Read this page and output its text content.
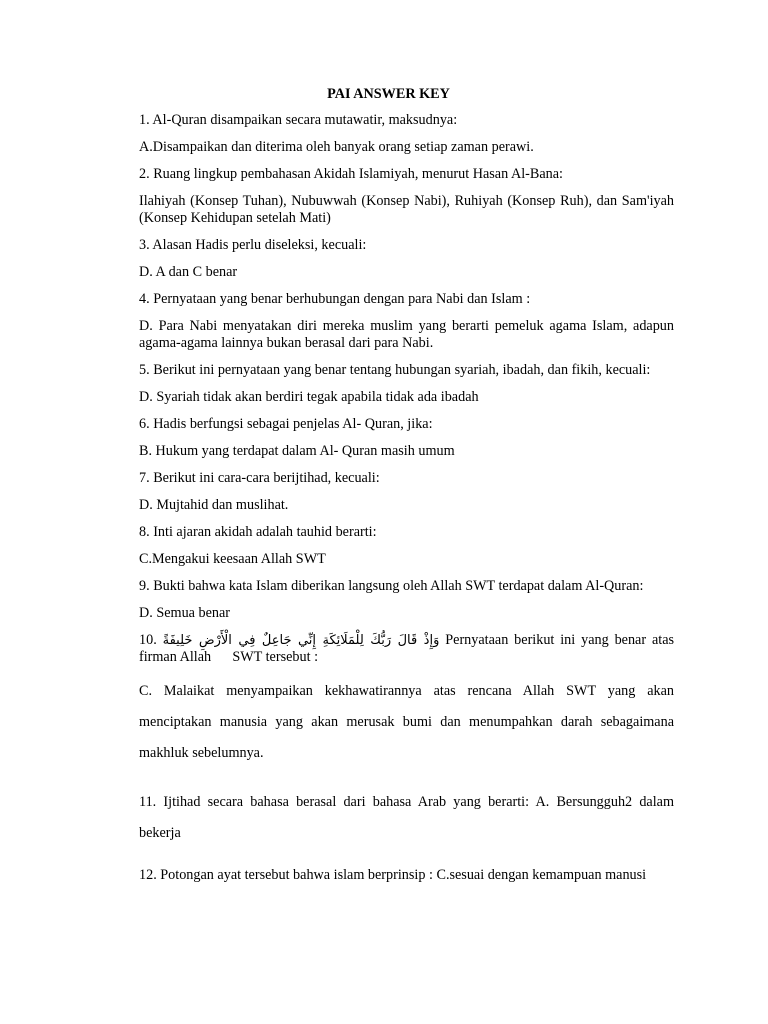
PAI ANSWER KEY
1. Al-Quran disampaikan secara mutawatir, maksudnya:
A.Disampaikan dan diterima oleh banyak orang setiap zaman perawi.
2. Ruang lingkup pembahasan Akidah Islamiyah, menurut Hasan Al-Bana:
Ilahiyah (Konsep Tuhan), Nubuwwah (Konsep Nabi), Ruhiyah (Konsep Ruh), dan Sam'iyah (Konsep Kehidupan setelah Mati)
3. Alasan Hadis perlu diseleksi, kecuali:
D. A dan C benar
4. Pernyataan yang benar berhubungan dengan para Nabi dan Islam :
D. Para Nabi menyatakan diri mereka muslim yang berarti pemeluk agama Islam, adapun agama-agama lainnya bukan berasal dari para Nabi.
5. Berikut ini pernyataan yang benar tentang hubungan syariah, ibadah, dan fikih, kecuali:
D. Syariah tidak akan berdiri tegak apabila tidak ada ibadah
6. Hadis berfungsi sebagai penjelas Al- Quran, jika:
B. Hukum yang terdapat dalam Al- Quran masih umum
7. Berikut ini cara-cara berijtihad, kecuali:
D. Mujtahid dan muslihat.
8. Inti ajaran akidah adalah tauhid berarti:
C.Mengakui keesaan Allah SWT
9. Bukti bahwa kata Islam diberikan langsung oleh Allah SWT terdapat dalam Al-Quran:
D. Semua benar
10. وَإِذْ قَالَ رَبُّكَ لِلْمَلَائِكَةِ إِنِّي جَاعِلٌ فِي الْأَرْضِ خَلِيفَةً Pernyataan berikut ini yang benar atas firman Allah      SWT tersebut :
C. Malaikat menyampaikan kekhawatirannya atas rencana Allah SWT yang akan menciptakan manusia yang akan merusak bumi dan menumpahkan darah sebagaimana makhluk sebelumnya.
11. Ijtihad secara bahasa berasal dari bahasa Arab yang berarti: A. Bersungguh2 dalam bekerja
12. Potongan ayat tersebut bahwa islam berprinsip : C.sesuai dengan kemampuan manusi
